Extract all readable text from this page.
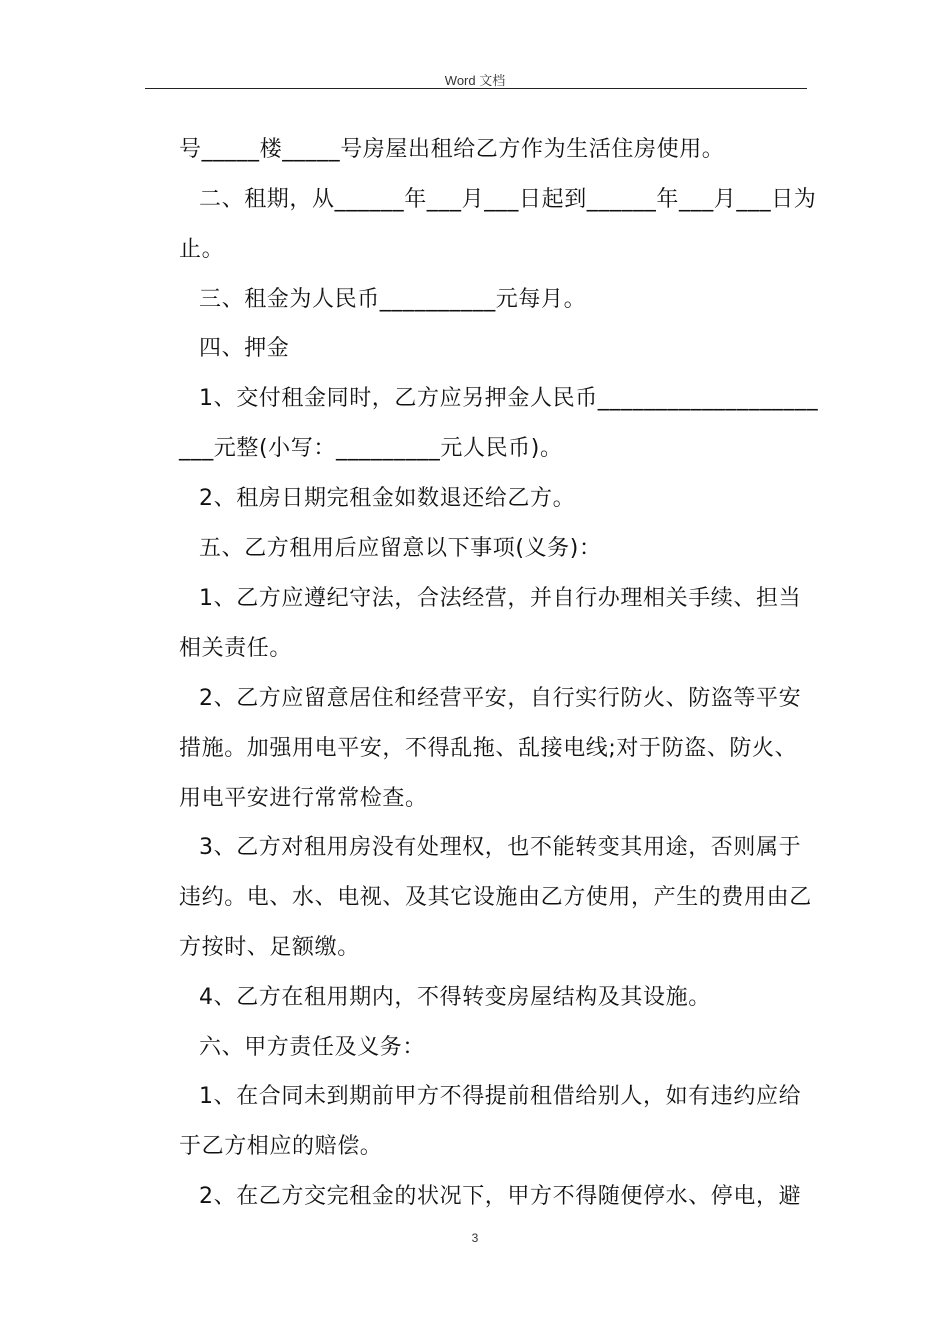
Word 文档
号_____楼_____号房屋出租给乙方作为生活住房使用。
二、租期，从______年___月___日起到______年___月___日为
止。
三、租金为人民币__________元每月。
四、押金
1、交付租金同时，乙方应另押金人民币___________________
___元整(小写：_________元人民币)。
2、租房日期完租金如数退还给乙方。
五、乙方租用后应留意以下事项(义务)：
1、乙方应遵纪守法，合法经营，并自行办理相关手续、担当
相关责任。
2、乙方应留意居住和经营平安，自行实行防火、防盗等平安
措施。加强用电平安，不得乱拖、乱接电线;对于防盗、防火、
用电平安进行常常检查。
3、乙方对租用房没有处理权，也不能转变其用途，否则属于
违约。电、水、电视、及其它设施由乙方使用，产生的费用由乙
方按时、足额缴。
4、乙方在租用期内，不得转变房屋结构及其设施。
六、甲方责任及义务：
1、在合同未到期前甲方不得提前租借给别人，如有违约应给
于乙方相应的赔偿。
2、在乙方交完租金的状况下，甲方不得随便停水、停电，避
3
